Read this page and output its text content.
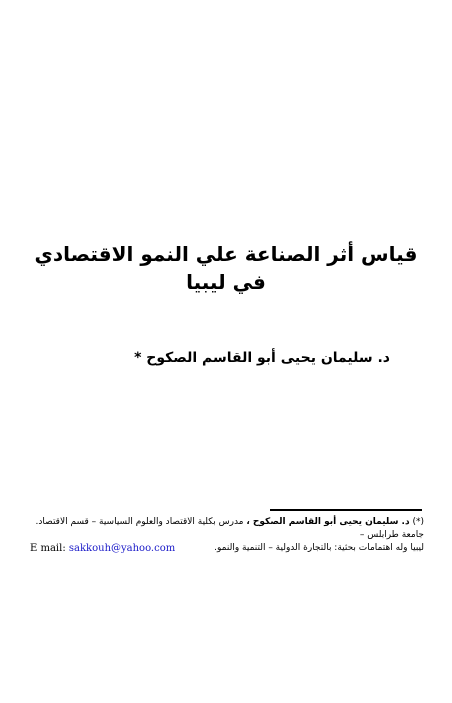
قياس أثر الصناعة علي النمو الاقتصادي في ليبيا
د. سليمان يحيى أبو القاسم الصكوح *
(*) د. سليمان يحيى أبو القاسم الصكوح ، مدرس بكلية الاقتصاد والعلوم السياسية – قسم الاقتصاد. جامعة طرابلس –
ليبيا وله اهتمامات بحثية: بالتجارة الدولية – التنمية والنمو.
E mail: sakkouh@yahoo.com
